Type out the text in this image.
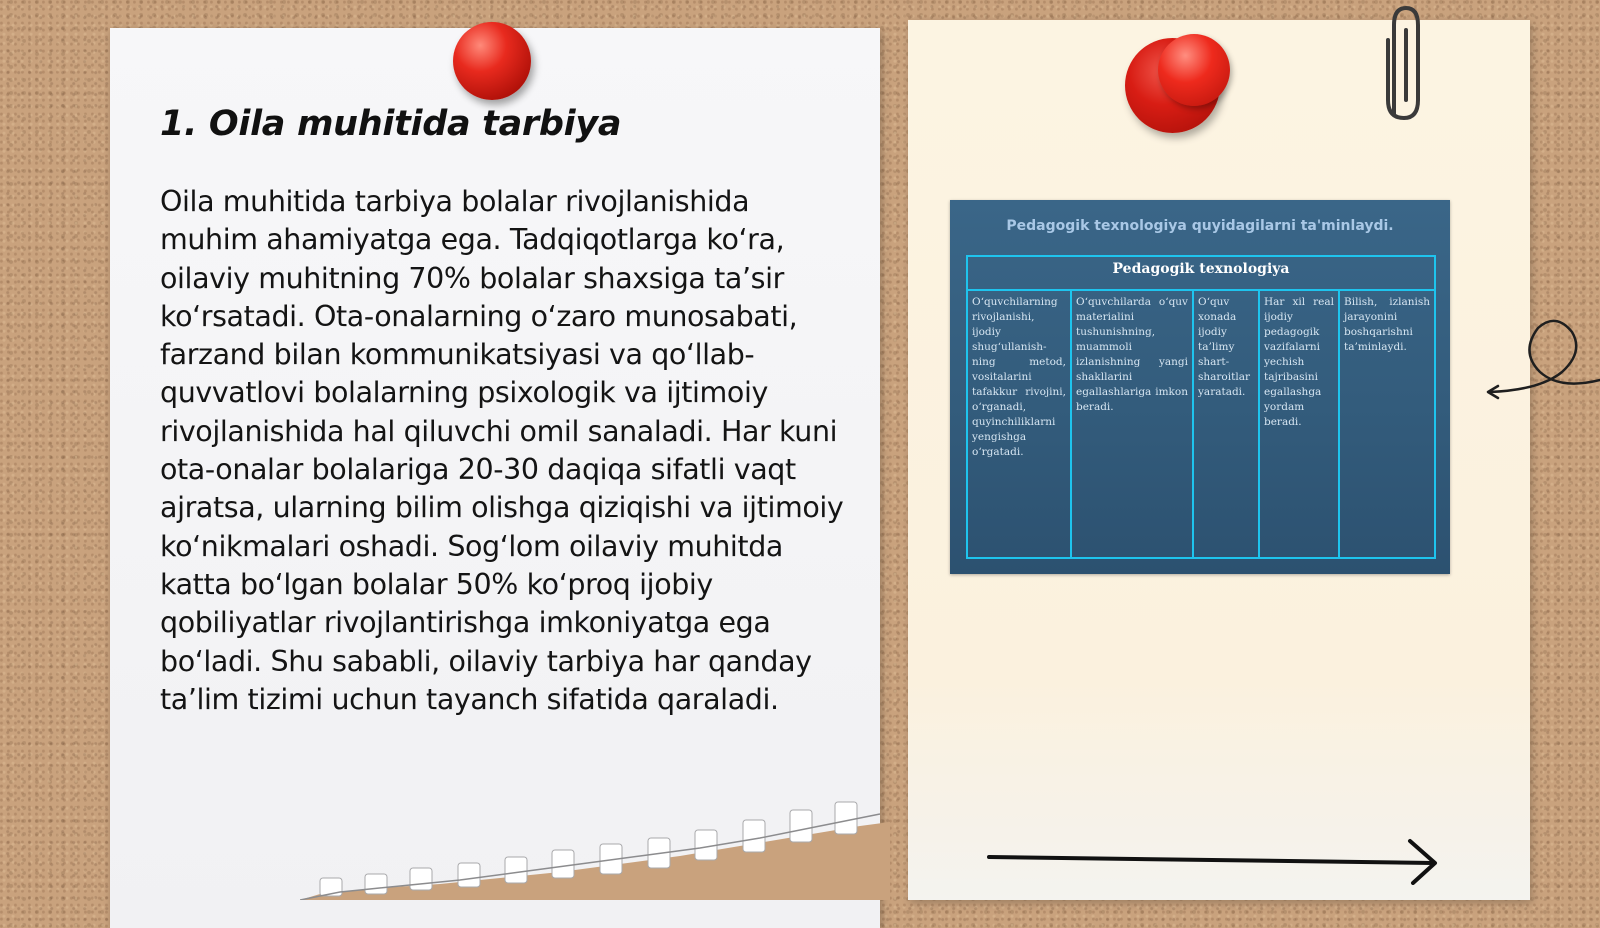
1. Oila muhitida tarbiya

Oila muhitida tarbiya bolalar rivojlanishida muhim ahamiyatga ega. Tadqiqotlarga ko‘ra, oilaviy muhitning 70% bolalar shaxsiga ta’sir ko‘rsatadi. Ota-onalarning o‘zaro munosabati, farzand bilan kommunikatsiyasi va qo‘llab-quvvatlovi bolalarning psixologik va ijtimoiy rivojlanishida hal qiluvchi omil sanaladi. Har kuni ota-onalar bolalariga 20-30 daqiqa sifatli vaqt ajratsa, ularning bilim olishga qiziqishi va ijtimoiy ko‘nikmalari oshadi. Sog‘lom oilaviy muhitda katta bo‘lgan bolalar 50% ko‘proq ijobiy qobiliyatlar rivojlantirishga imkoniyatga ega bo‘ladi. Shu sababli, oilaviy tarbiya har qanday ta’lim tizimi uchun tayanch sifatida qaraladi.

Pedagogik texnologiya quyidagilarni ta'minlaydi.
Pedagogik texnologiya
O‘quvchilarning rivojlanishi, ijodiy shug‘ullanish-ning metod, vositalarini tafakkur rivojini, o‘rganadi, quyinchiliklarni yengishga o‘rgatadi.
O‘quvchilarda o‘quv materialini tushunishning, muammoli izlanishning yangi shakllarini egallashlariga imkon beradi.
O‘quv xonada ijodiy ta’limy shart-sharoitlar yaratadi.
Har xil real ijodiy pedagogik vazifalarni yechish tajribasini egallashga yordam beradi.
Bilish, izlanish jarayonini boshqarishni ta’minlaydi.
